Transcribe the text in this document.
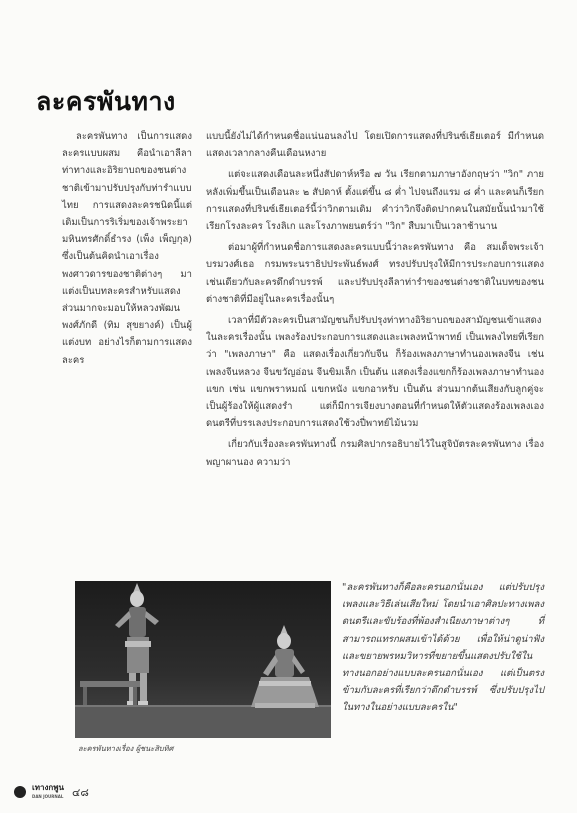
ละครพันทาง
ละครพันทาง เป็นการแสดงละครแบบผสม คือนำเอาลีลาท่าทางและอิริยาบถของชนต่างชาติเข้ามาปรับปรุงกับท่ารำแบบไทย การแสดงละครชนิดนี้แต่เดิมเป็นการริเริ่มของเจ้าพระยามหินทรศักดิ์ธำรง (เพ็ง เพ็ญกุล) ซึ่งเป็นต้นคิดนำเอาเรื่องพงศาวดารของชาติต่างๆ มาแต่งเป็นบทละครสำหรับแสดง ส่วนมากจะมอบให้หลวงพัฒนพงศ์ภักดี (ทิม สุขยางค์) เป็นผู้แต่งบท อย่างไรก็ตามการแสดงละคร

แบบนี้ยังไม่ได้กำหนดชื่อแน่นอนลงไป โดยเปิดการแสดงที่ปรินซ์เธียเตอร์ มีกำหนดแสดงเวลากลางคืนเดือนหงาย

แต่จะแสดงเดือนละหนึ่งสัปดาห์หรือ ๗ วัน เรียกตามภาษาอังกฤษว่า "วิก" ภายหลังเพิ่มขึ้นเป็นเดือนละ ๒ สัปดาห์ ตั้งแต่ขึ้น ๘ ค่ำ ไปจนถึงแรม ๘ ค่ำ และคนก็เรียกการแสดงที่ปรินซ์เธียเตอร์นี้ว่าวิกตามเดิม คำว่าวิกจึงติดปากคนในสมัยนั้นนำมาใช้เรียกโรงละคร โรงลิเก และโรงภาพยนตร์ว่า "วิก" สืบมาเป็นเวลาช้านาน

ต่อมาผู้ที่กำหนดชื่อการแสดงละครแบบนี้ว่าละครพันทาง คือ สมเด็จพระเจ้าบรมวงศ์เธอ กรมพระนราธิปประพันธ์พงศ์ ทรงปรับปรุงให้มีการประกอบการแสดง เช่นเดียวกับละครดึกดำบรรพ์ และปรับปรุงลีลาท่ารำของชนต่างชาติในบทของชนต่างชาติที่มีอยู่ในละครเรื่องนั้นๆ

เวลาที่มีตัวละครเป็นสามัญชนก็ปรับปรุงท่าทางอิริยาบถของสามัญชนเข้าแสดงในละครเรื่องนั้น เพลงร้องประกอบการแสดงและเพลงหน้าพาทย์ เป็นเพลงไทยที่เรียกว่า "เพลงภาษา" คือ แสดงเรื่องเกี่ยวกับจีน ก็ร้องเพลงภาษาทำนองเพลงจีน เช่น เพลงจีนหลวง จีนขวัญอ่อน จีนขิมเล็ก เป็นต้น แสดงเรื่องแขกก็ร้องเพลงภาษาทำนองแขก เช่น แขกพราหมณ์ แขกหนัง แขกอาหรับ เป็นต้น ส่วนมากต้นเสียงกับลูกคู่จะเป็นผู้ร้องให้ผู้แสดงรำ แต่ก็มีการเจียงบางตอนที่กำหนดให้ตัวแสดงร้องเพลงเอง ดนตรีที่บรรเลงประกอบการแสดงใช้วงปี่พาทย์ไม้นวม

เกี่ยวกับเรื่องละครพันทางนี้ กรมศิลปากรอธิบายไว้ในสูจิบัตรละครพันทาง เรื่องพญาผานอง ความว่า

ละครพันทางเรื่อง ผู้ชนะสิบทิศ
"ละครพันทางก็คือละครนอกนั่นเอง แต่ปรับปรุงเพลงและวิธีเล่นเสียใหม่ โดยนำเอาศิลปะทางเพลงดนตรีและขับร้องที่พ้องสำเนียงภาษาต่างๆ ที่สามารถแทรกผสมเข้าได้ด้วย เพื่อให้น่าดูน่าฟัง และขยายพรหมวิหารที่ขยายขึ้นแสดงปรับใช้ในทางนอกอย่างแบบละครนอกนั่นเอง แต่เป็นตรงข้ามกับละครที่เรียกว่าดึกดำบรรพ์ ซึ่งปรับปรุงไปในทางในอย่างแบบละครใน"
เทางกพูน
DAN JOURNAL ๔๘
